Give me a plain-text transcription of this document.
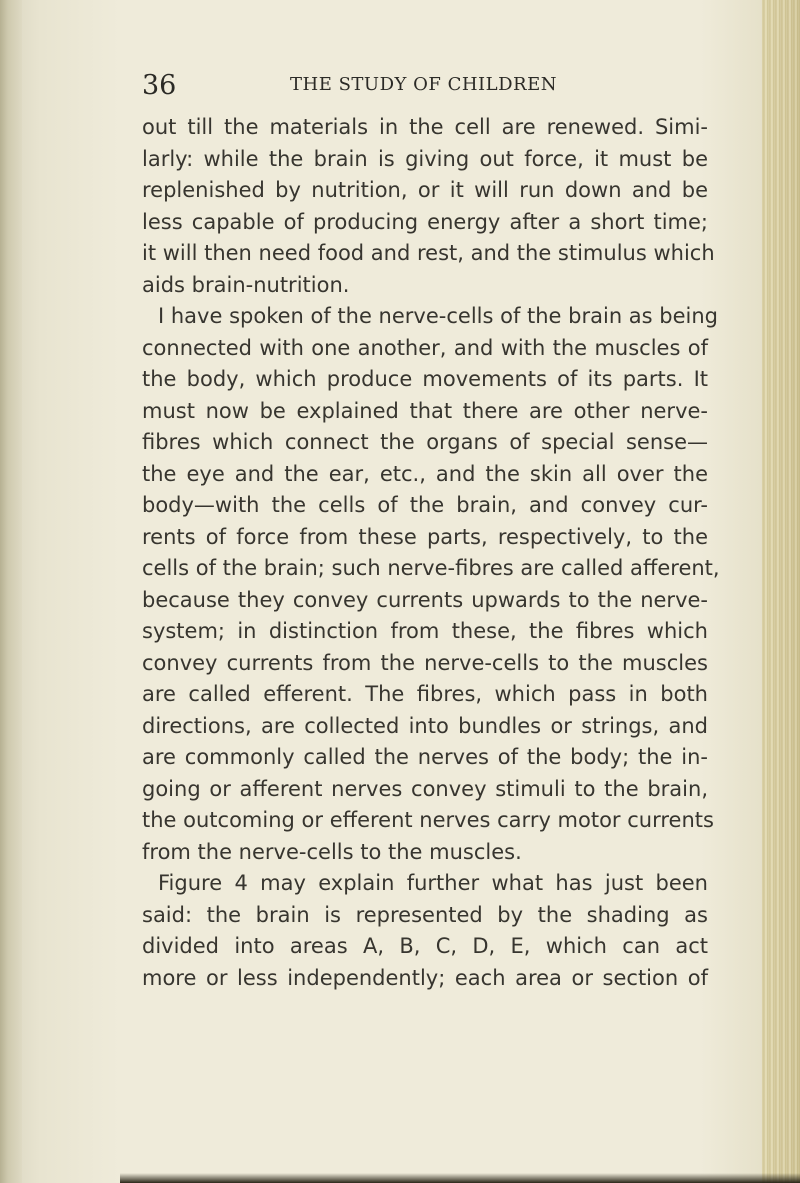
36	THE STUDY OF CHILDREN
out till the materials in the cell are renewed. Simi-
larly: while the brain is giving out force, it must be
replenished by nutrition, or it will run down and be
less capable of producing energy after a short time;
it will then need food and rest, and the stimulus which
aids brain-nutrition.
I have spoken of the nerve-cells of the brain as being
connected with one another, and with the muscles of
the body, which produce movements of its parts. It
must now be explained that there are other nerve-
fibres which connect the organs of special sense—
the eye and the ear, etc., and the skin all over the
body—with the cells of the brain, and convey cur-
rents of force from these parts, respectively, to the
cells of the brain; such nerve-fibres are called afferent,
because they convey currents upwards to the nerve-
system; in distinction from these, the fibres which
convey currents from the nerve-cells to the muscles
are called efferent. The fibres, which pass in both
directions, are collected into bundles or strings, and
are commonly called the nerves of the body; the in-
going or afferent nerves convey stimuli to the brain,
the outcoming or efferent nerves carry motor currents
from the nerve-cells to the muscles.
Figure 4 may explain further what has just been
said: the brain is represented by the shading as
divided into areas A, B, C, D, E, which can act
more or less independently; each area or section of
